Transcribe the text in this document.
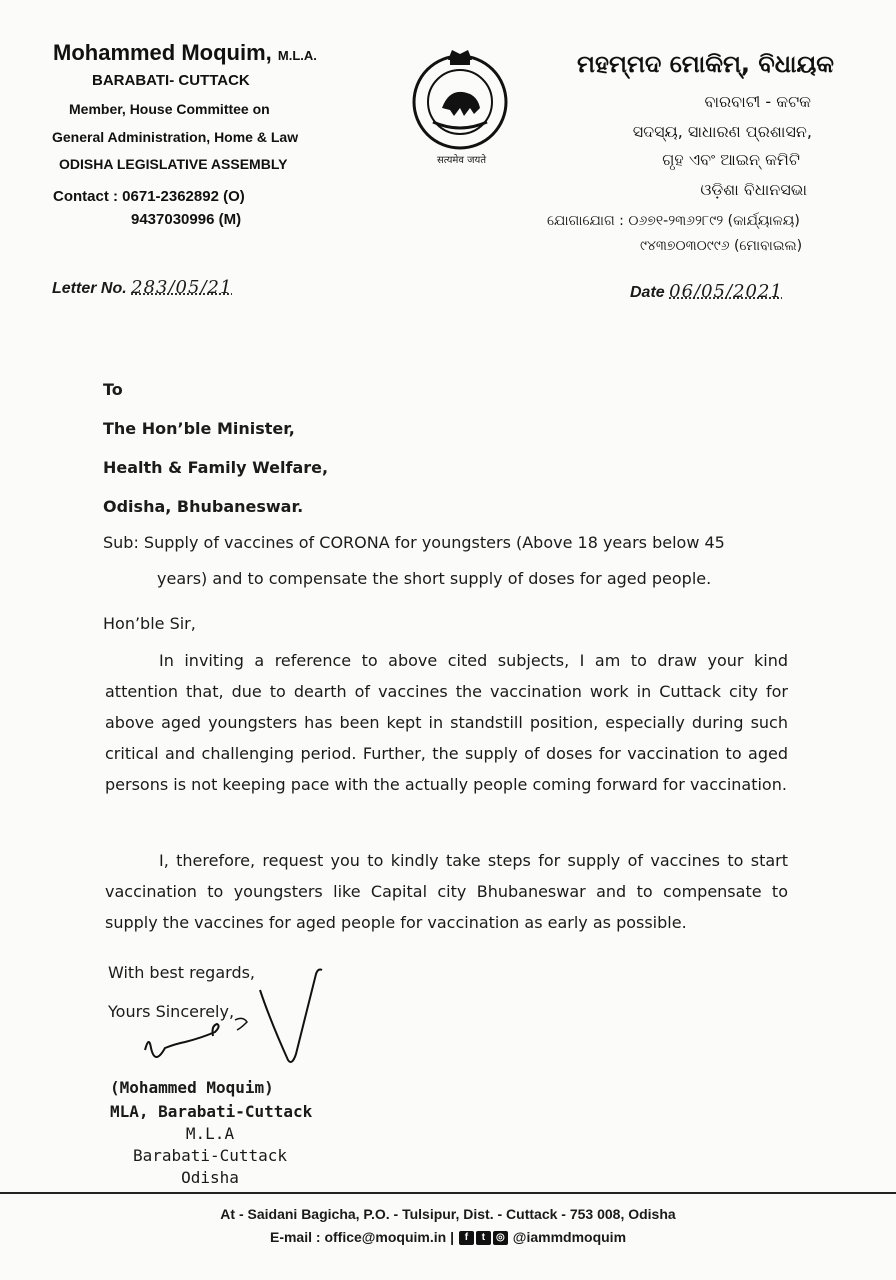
Mohammed Moquim, M.L.A.
BARABATI- CUTTACK
Member, House Committee on
General Administration, Home & Law
ODISHA LEGISLATIVE ASSEMBLY
Contact : 0671-2362892 (O)
9437030996 (M)
सत्यमेव जयते
ମହମ୍ମଦ ମୋକିମ୍, ବିଧାୟକ
ବାରବାଟୀ - କଟକ
ସଦସ୍ୟ, ସାଧାରଣ ପ୍ରଶାସନ,
ଗୃହ ଏବଂ ଆଇନ୍ କମିଟି
ଓଡ଼ିଶା ବିଧାନସଭା
ଯୋଗାଯୋଗ : ୦୬୭୧-୨୩୬୨୮୯୨ (କାର୍ଯ୍ୟାଳୟ)
୯୪୩୭୦୩୦୯୯୬ (ମୋବାଇଲ)
Letter No. 283/05/21	Date 06/05/2021
To
The Hon’ble Minister,
Health & Family Welfare,
Odisha, Bhubaneswar.
Sub: Supply of vaccines of CORONA for youngsters (Above 18 years below 45
years) and to compensate the short supply of doses for aged people.
Hon’ble Sir,
In inviting a reference to above cited subjects, I am to draw your kind attention that, due to dearth of vaccines the vaccination work in Cuttack city for above aged youngsters has been kept in standstill position, especially during such critical and challenging period. Further, the supply of doses for vaccination to aged persons is not keeping pace with the actually people coming forward for vaccination.
I, therefore, request you to kindly take steps for supply of vaccines to start vaccination to youngsters like Capital city Bhubaneswar and to compensate to supply the vaccines for aged people for vaccination as early as possible.
With best regards,
Yours Sincerely,
(Mohammed Moquim)
MLA, Barabati-Cuttack
M.L.A
Barabati-Cuttack
Odisha
At - Saidani Bagicha, P.O. - Tulsipur, Dist. - Cuttack - 753 008, Odisha
E-mail : office@moquim.in | f t ◎ @iammdmoquim
